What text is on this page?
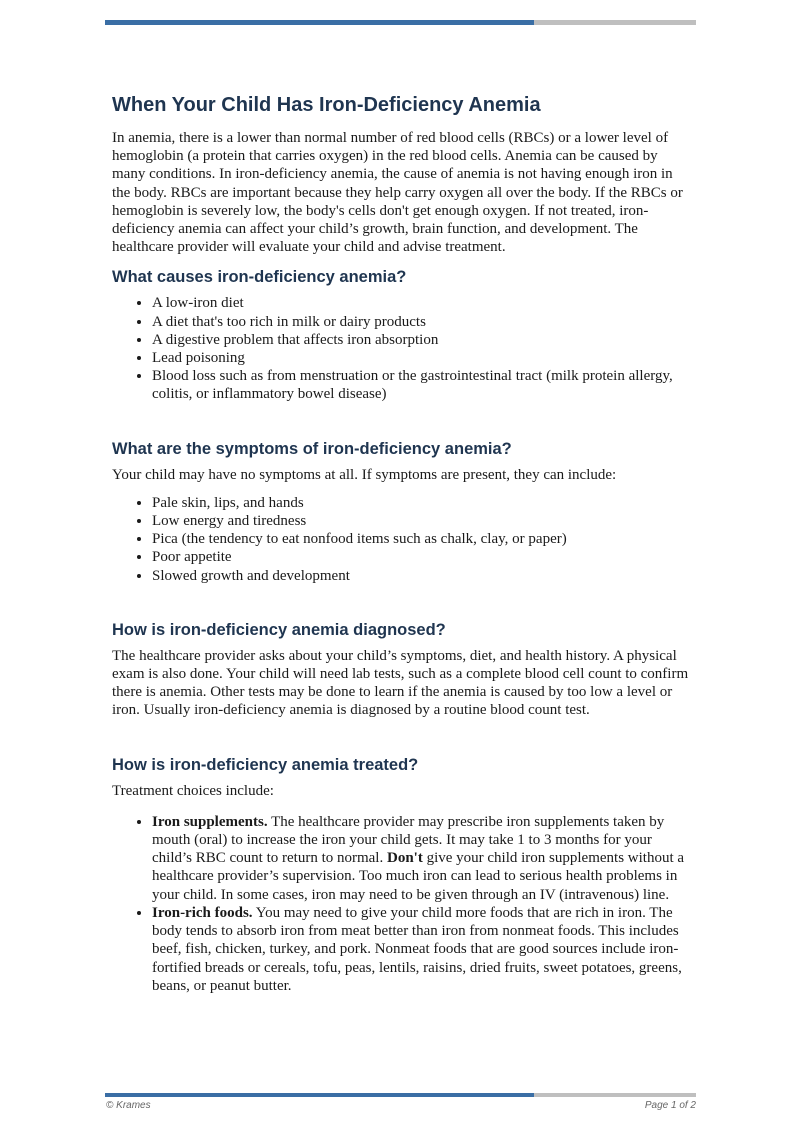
When Your Child Has Iron-Deficiency Anemia

In anemia, there is a lower than normal number of red blood cells (RBCs) or a lower level of hemoglobin (a protein that carries oxygen) in the red blood cells. Anemia can be caused by many conditions. In iron-deficiency anemia, the cause of anemia is not having enough iron in the body. RBCs are important because they help carry oxygen all over the body. If the RBCs or hemoglobin is severely low, the body's cells don't get enough oxygen. If not treated, iron-deficiency anemia can affect your child’s growth, brain function, and development. The healthcare provider will evaluate your child and advise treatment.

What causes iron-deficiency anemia?
• A low-iron diet
• A diet that's too rich in milk or dairy products
• A digestive problem that affects iron absorption
• Lead poisoning
• Blood loss such as from menstruation or the gastrointestinal tract (milk protein allergy, colitis, or inflammatory bowel disease)
What are the symptoms of iron-deficiency anemia?

Your child may have no symptoms at all. If symptoms are present, they can include:

• Pale skin, lips, and hands
• Low energy and tiredness
• Pica (the tendency to eat nonfood items such as chalk, clay, or paper)
• Poor appetite
• Slowed growth and development
How is iron-deficiency anemia diagnosed?

The healthcare provider asks about your child’s symptoms, diet, and health history. A physical exam is also done. Your child will need lab tests, such as a complete blood cell count to confirm there is anemia. Other tests may be done to learn if the anemia is caused by too low a level or iron. Usually iron-deficiency anemia is diagnosed by a routine blood count test.

How is iron-deficiency anemia treated?

Treatment choices include:

• Iron supplements. The healthcare provider may prescribe iron supplements taken by mouth (oral) to increase the iron your child gets. It may take 1 to 3 months for your child’s RBC count to return to normal. Don't give your child iron supplements without a healthcare provider’s supervision. Too much iron can lead to serious health problems in your child. In some cases, iron may need to be given through an IV (intravenous) line.
• Iron-rich foods. You may need to give your child more foods that are rich in iron. The body tends to absorb iron from meat better than iron from nonmeat foods. This includes beef, fish, chicken, turkey, and pork. Nonmeat foods that are good sources include iron-fortified breads or cereals, tofu, peas, lentils, raisins, dried fruits, sweet potatoes, greens, beans, or peanut butter.
© Krames	Page 1 of 2
